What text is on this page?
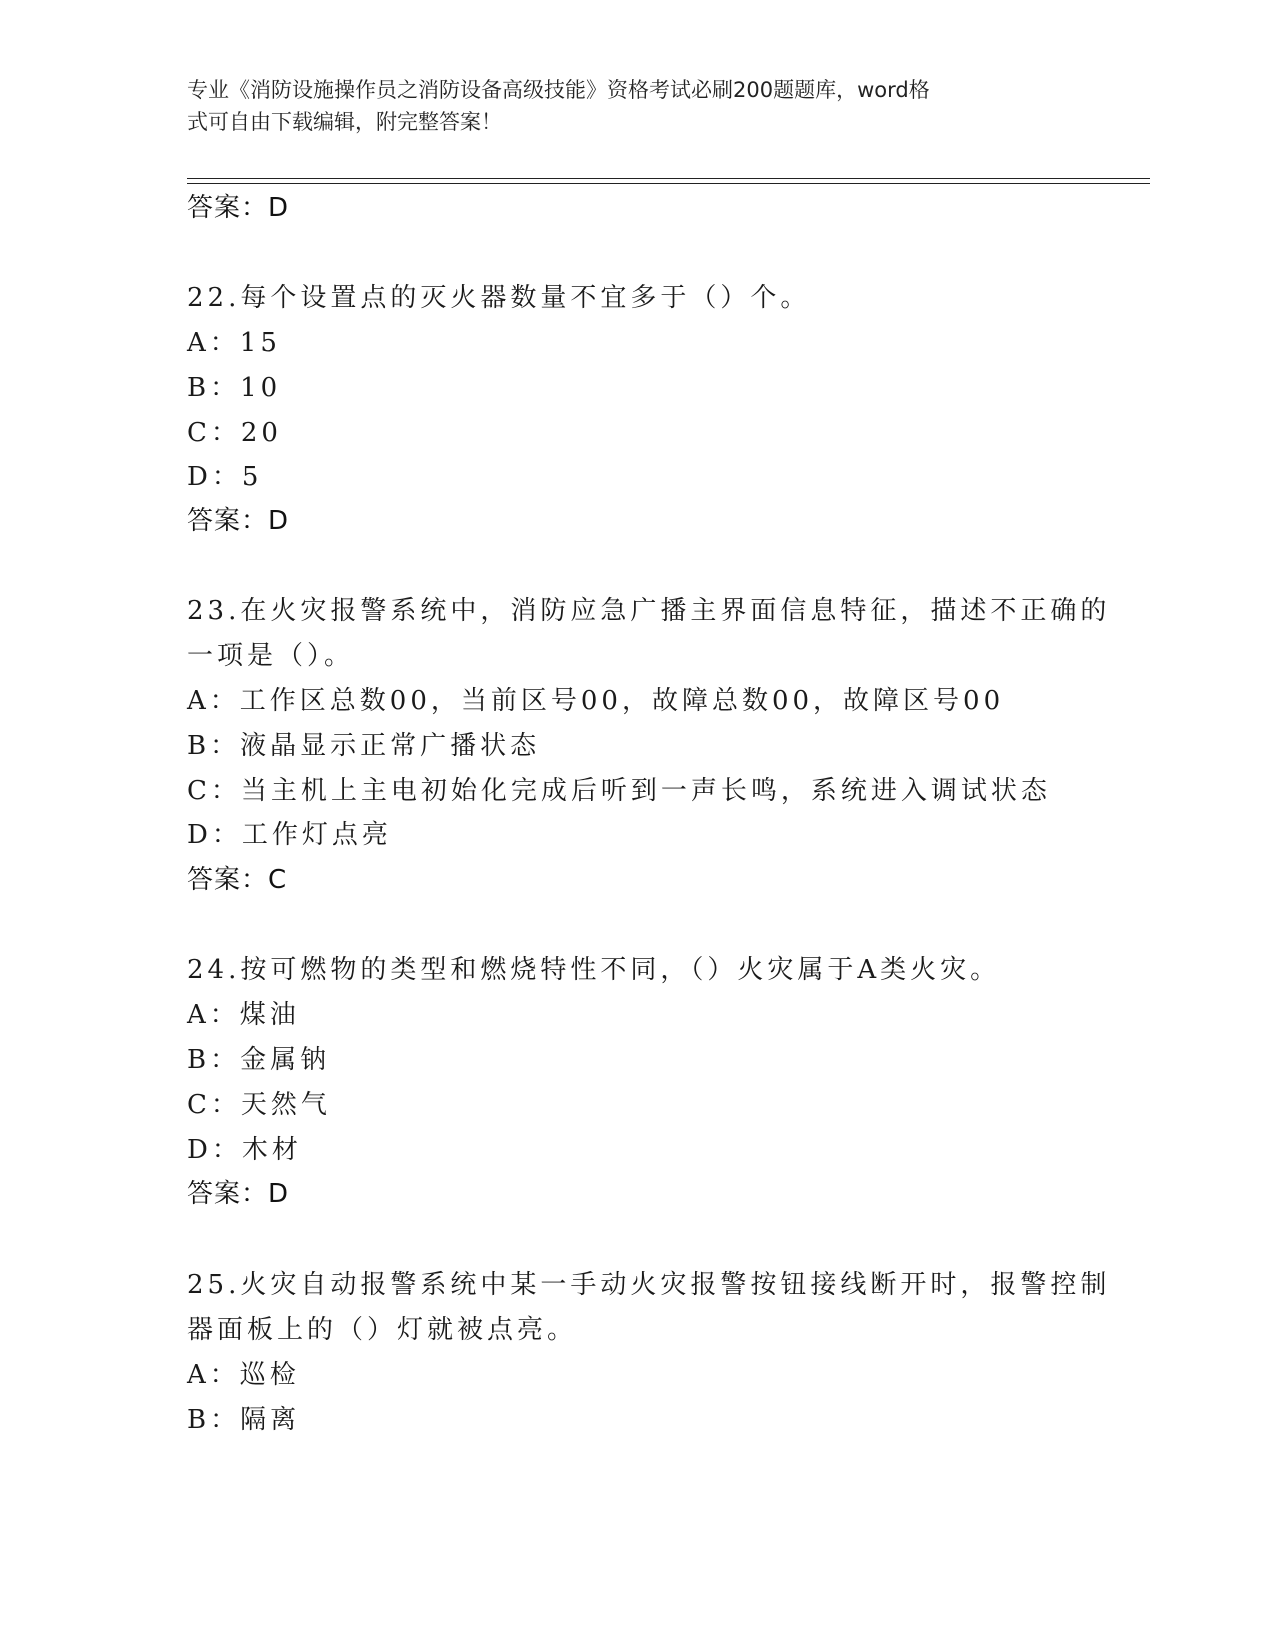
专业《消防设施操作员之消防设备高级技能》资格考试必刷200题题库，word格
式可自由下载编辑，附完整答案！
答案：D
22.每个设置点的灭火器数量不宜多于（）个。
A：15
B：10
C：20
D：5
答案：D
23.在火灾报警系统中，消防应急广播主界面信息特征，描述不正确的
一项是（）。
A：工作区总数00，当前区号00，故障总数00，故障区号00
B：液晶显示正常广播状态
C：当主机上主电初始化完成后听到一声长鸣，系统进入调试状态
D：工作灯点亮
答案：C
24.按可燃物的类型和燃烧特性不同，（）火灾属于A类火灾。
A：煤油
B：金属钠
C：天然气
D：木材
答案：D
25.火灾自动报警系统中某一手动火灾报警按钮接线断开时，报警控制
器面板上的（）灯就被点亮。
A：巡检
B：隔离
